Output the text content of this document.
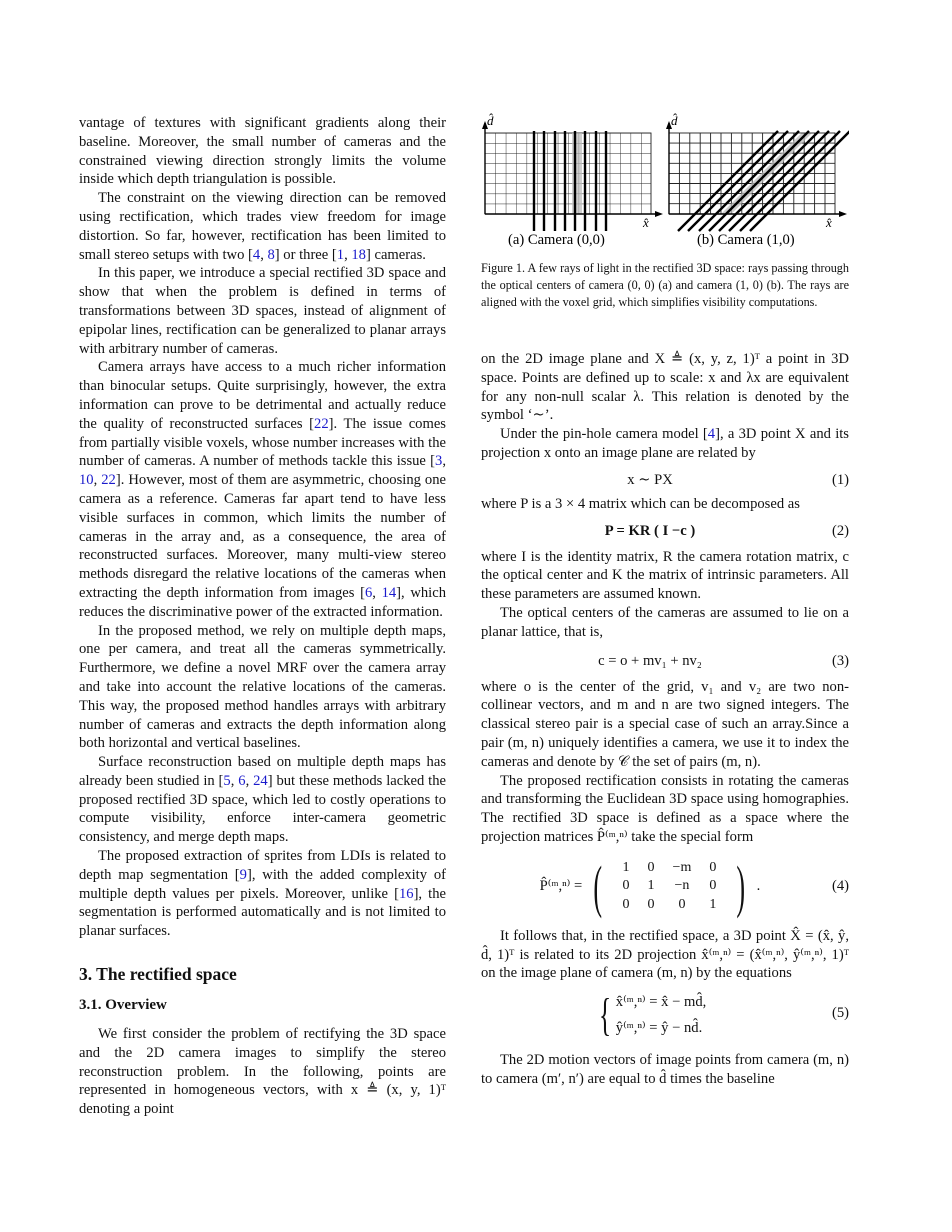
vantage of textures with significant gradients along their baseline. Moreover, the small number of cameras and the constrained viewing direction strongly limits the volume inside which depth triangulation is possible.

The constraint on the viewing direction can be removed using rectification, which trades view freedom for image distortion. So far, however, rectification has been limited to small stereo setups with two [4, 8] or three [1, 18] cameras.

In this paper, we introduce a special rectified 3D space and show that when the problem is defined in terms of transformations between 3D spaces, instead of alignment of epipolar lines, rectification can be generalized to planar arrays with arbitrary number of cameras.

Camera arrays have access to a much richer information than binocular setups. Quite surprisingly, however, the extra information can prove to be detrimental and actually reduce the quality of reconstructed surfaces [22]. The issue comes from partially visible voxels, whose number increases with the number of cameras. A number of methods tackle this issue [3, 10, 22]. However, most of them are asymmetric, choosing one camera as a reference. Cameras far apart tend to have less visible surfaces in common, which limits the number of cameras in the array and, as a consequence, the area of reconstructed surfaces. Moreover, many multi-view stereo methods disregard the relative locations of the cameras when extracting the depth information from images [6, 14], which reduces the discriminative power of the extracted information.

In the proposed method, we rely on multiple depth maps, one per camera, and treat all the cameras symmetrically. Furthermore, we define a novel MRF over the camera array and take into account the relative locations of the cameras. This way, the proposed method handles arrays with arbitrary number of cameras and extracts the depth information along both horizontal and vertical baselines.

Surface reconstruction based on multiple depth maps has already been studied in [5, 6, 24] but these methods lacked the proposed rectified 3D space, which led to costly operations to compute visibility, enforce inter-camera geometric consistency, and merge depth maps.

The proposed extraction of sprites from LDIs is related to depth map segmentation [9], with the added complexity of multiple depth values per pixels. Moreover, unlike [16], the segmentation is performed automatically and is not limited to planar surfaces.

3. The rectified space
3.1. Overview

We first consider the problem of rectifying the 3D space and the 2D camera images to simplify the stereo reconstruction problem. In the following, points are represented in homogeneous vectors, with x ≜ (x, y, 1)ᵀ denoting a point

d̂
x̂
d̂
x̂
(a) Camera (0,0)	(b) Camera (1,0)
Figure 1. A few rays of light in the rectified 3D space: rays passing through the optical centers of camera (0, 0) (a) and camera (1, 0) (b). The rays are aligned with the voxel grid, which simplifies visibility computations.

on the 2D image plane and X ≜ (x, y, z, 1)ᵀ a point in 3D space. Points are defined up to scale: x and λx are equivalent for any non-null scalar λ. This relation is denoted by the symbol ‘∼’.

Under the pin-hole camera model [4], a 3D point X and its projection x onto an image plane are related by

x ∼ PX	(1)

where P is a 3 × 4 matrix which can be decomposed as

P = KR ( I −c )	(2)

where I is the identity matrix, R the camera rotation matrix, c the optical center and K the matrix of intrinsic parameters. All these parameters are assumed known.

The optical centers of the cameras are assumed to lie on a planar lattice, that is,

c = o + mv₁ + nv₂	(3)

where o is the center of the grid, v₁ and v₂ are two non-collinear vectors, and m and n are two signed integers. The classical stereo pair is a special case of such an array.Since a pair (m, n) uniquely identifies a camera, we use it to index the cameras and denote by 𝒞 the set of pairs (m, n).

The proposed rectification consists in rotating the cameras and transforming the Euclidean 3D space using homographies. The rectified 3D space is defined as a space where the projection matrices P̂⁽ᵐ,ⁿ⁾ take the special form

P̂⁽ᵐ,ⁿ⁾ = ( 1	0	−m	0
0	1	−n	0
0	0	0	1 ) .	(4)

It follows that, in the rectified space, a 3D point X̂ = (x̂, ŷ, d̂, 1)ᵀ is related to its 2D projection x̂⁽ᵐ,ⁿ⁾ = (x̂⁽ᵐ,ⁿ⁾, ŷ⁽ᵐ,ⁿ⁾, 1)ᵀ on the image plane of camera (m, n) by the equations

{ x̂⁽ᵐ,ⁿ⁾ = x̂ − md̂,
ŷ⁽ᵐ,ⁿ⁾ = ŷ − nd̂.
(5)

The 2D motion vectors of image points from camera (m, n) to camera (m′, n′) are equal to d̂ times the baseline
